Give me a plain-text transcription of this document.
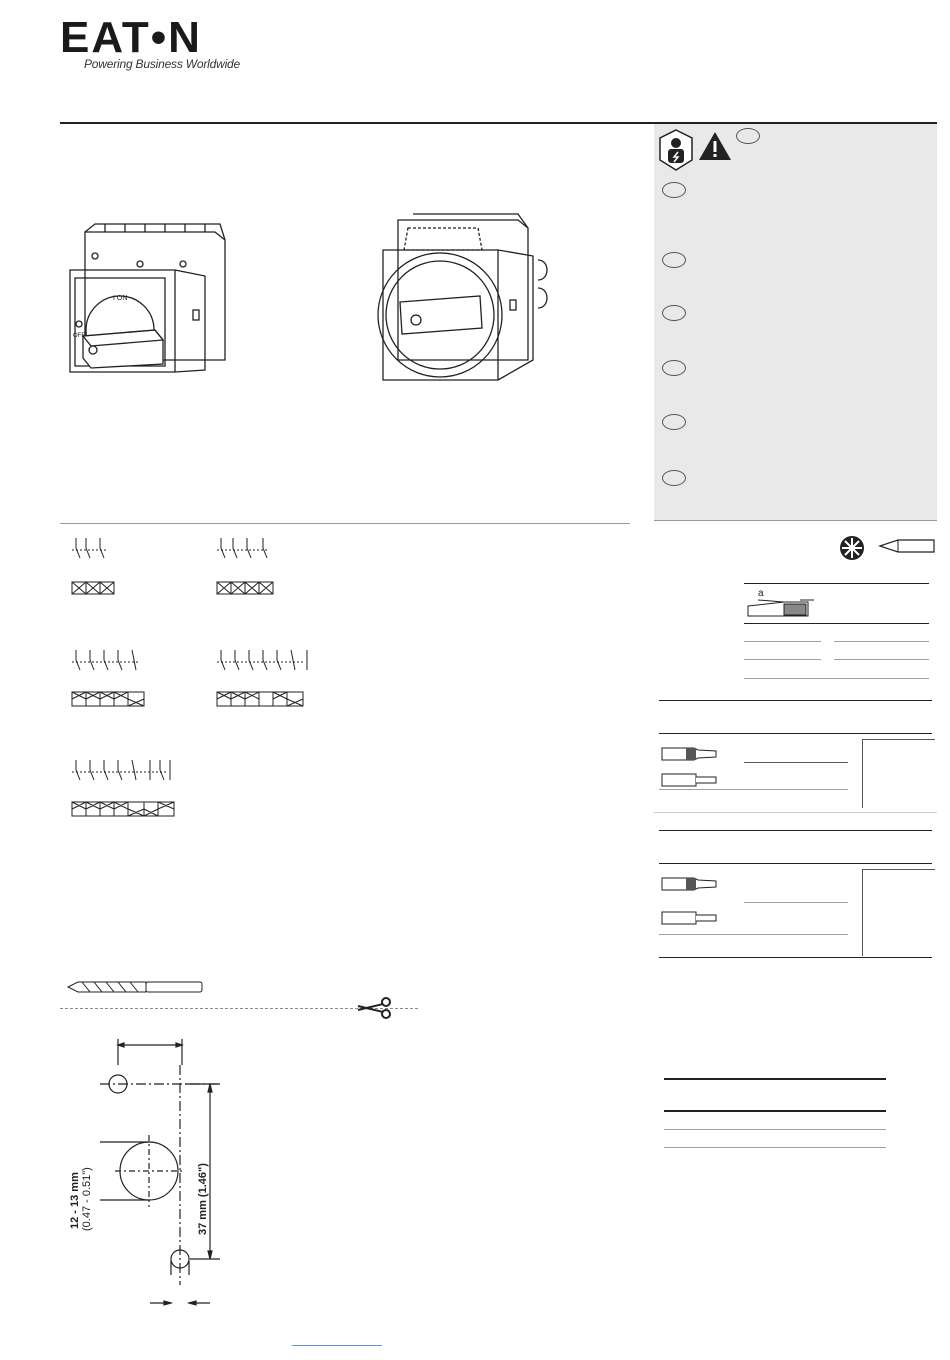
EAT•N
Powering Business Worldwide
I ON
OFF
a
12 - 13 mm (0.47 - 0.51")	37 mm (1.46")
